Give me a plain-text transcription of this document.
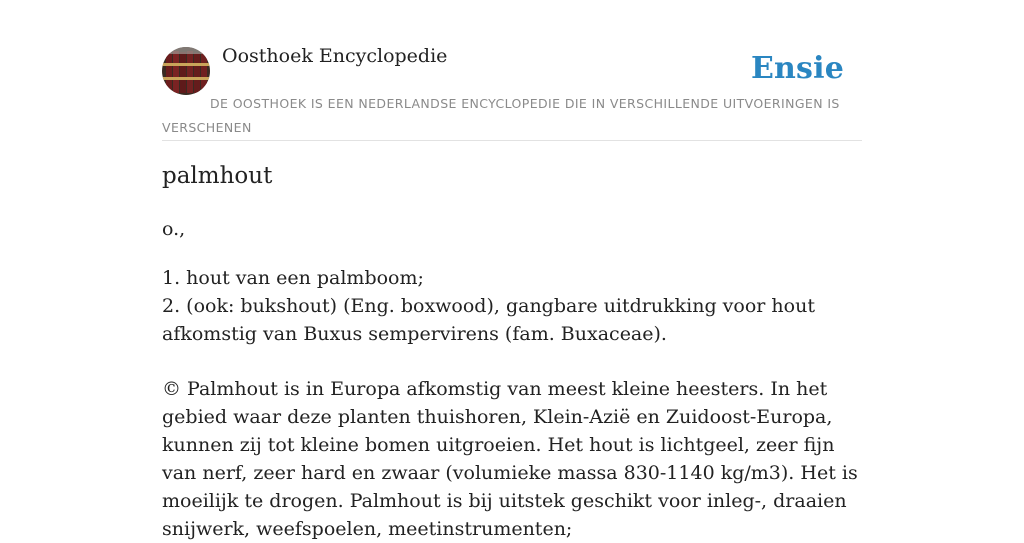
Oosthoek Encyclopedie	Ensie
DE OOSTHOEK IS EEN NEDERLANDSE ENCYCLOPEDIE DIE IN VERSCHILLENDE UITVOERINGEN IS VERSCHENEN
palmhout
o.,

1. hout van een palmboom;

2. (ook: bukshout) (Eng. boxwood), gangbare uitdrukking voor hout afkomstig van Buxus sempervirens (fam. Buxaceae).

© Palmhout is in Europa afkomstig van meest kleine heesters. In het gebied waar deze planten thuishoren, Klein-Azië en Zuidoost-Europa, kunnen zij tot kleine bomen uitgroeien. Het hout is lichtgeel, zeer fijn van nerf, zeer hard en zwaar (volumieke massa 830-1140 kg/m3). Het is moeilijk te drogen. Palmhout is bij uitstek geschikt voor inleg-, draaien snijwerk, weefspoelen, meetinstrumenten;
